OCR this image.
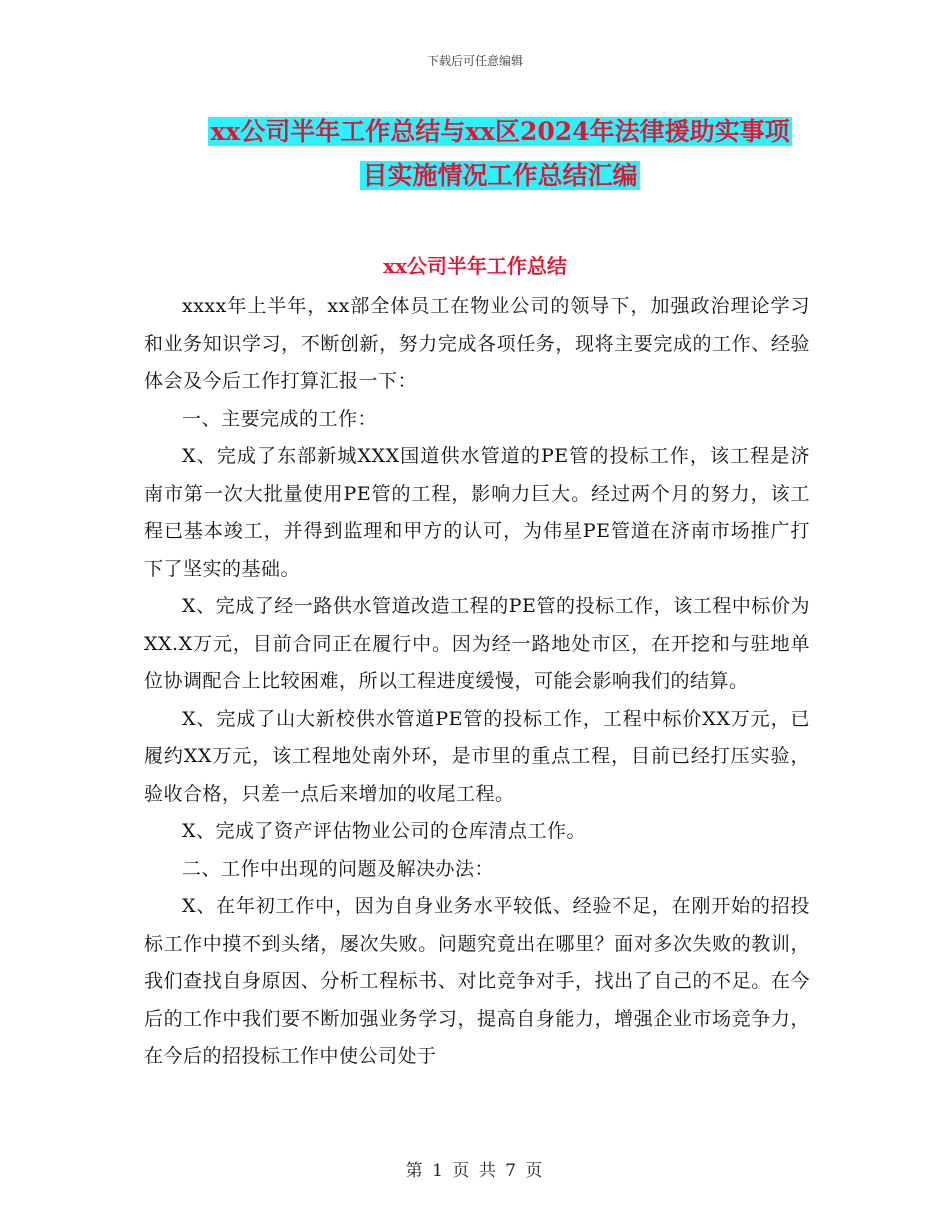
下载后可任意编辑
xx公司半年工作总结与xx区2024年法律援助实事项
目实施情况工作总结汇编
xx公司半年工作总结

xxxx年上半年，xx部全体员工在物业公司的领导下，加强政治理论学习和业务知识学习，不断创新，努力完成各项任务，现将主要完成的工作、经验体会及今后工作打算汇报一下：

一、主要完成的工作：

X、完成了东部新城XXX国道供水管道的PE管的投标工作，该工程是济南市第一次大批量使用PE管的工程，影响力巨大。经过两个月的努力，该工程已基本竣工，并得到监理和甲方的认可，为伟星PE管道在济南市场推广打下了坚实的基础。

X、完成了经一路供水管道改造工程的PE管的投标工作，该工程中标价为XX.X万元，目前合同正在履行中。因为经一路地处市区，在开挖和与驻地单位协调配合上比较困难，所以工程进度缓慢，可能会影响我们的结算。

X、完成了山大新校供水管道PE管的投标工作，工程中标价XX万元，已履约XX万元，该工程地处南外环，是市里的重点工程，目前已经打压实验，验收合格，只差一点后来增加的收尾工程。

X、完成了资产评估物业公司的仓库清点工作。

二、工作中出现的问题及解决办法：

X、在年初工作中，因为自身业务水平较低、经验不足，在刚开始的招投标工作中摸不到头绪，屡次失败。问题究竟出在哪里？面对多次失败的教训，我们查找自身原因、分析工程标书、对比竞争对手，找出了自己的不足。在今后的工作中我们要不断加强业务学习，提高自身能力，增强企业市场竞争力，在今后的招投标工作中使公司处于

第 1 页 共 7 页
